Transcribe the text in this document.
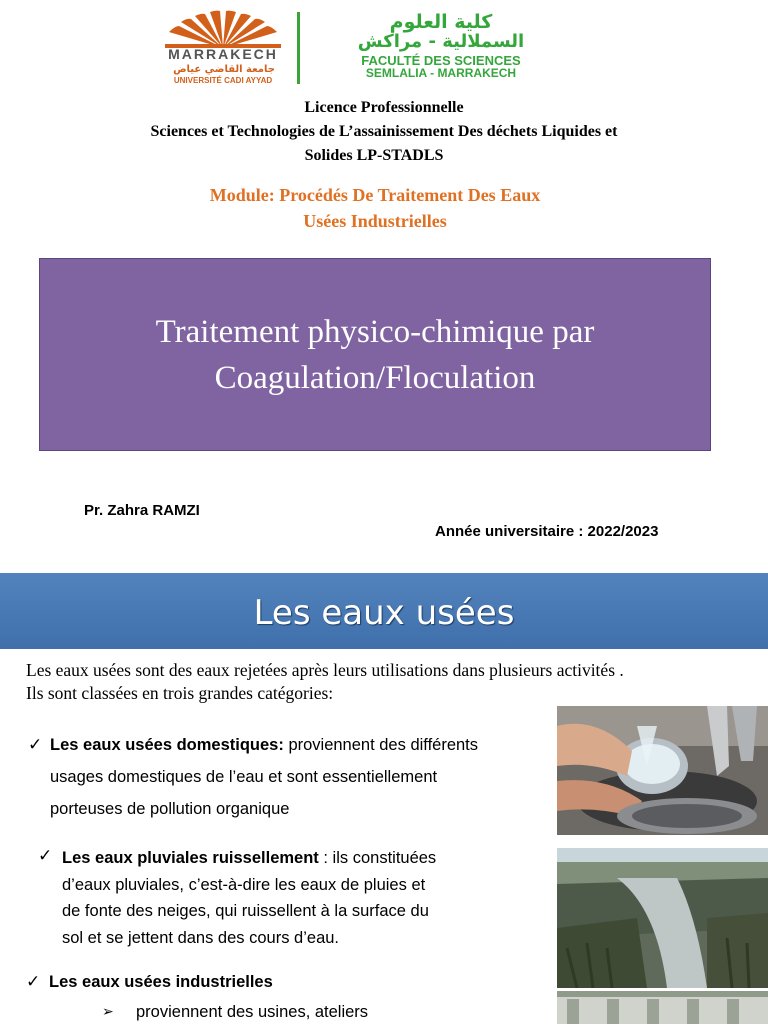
MARRAKECH
جامعة القاضي عياض
UNIVERSITÉ CADI AYYAD
كلية العلوم
السملالية - مراكش
FACULTÉ DES SCIENCES
SEMLALIA - MARRAKECH
Licence Professionnelle
Sciences et Technologies de L’assainissement Des déchets Liquides et
Solides LP-STADLS
Module: Procédés De Traitement Des Eaux
Usées Industrielles
Traitement physico-chimique par
Coagulation/Floculation
Pr. Zahra RAMZI
Année universitaire : 2022/2023
Les eaux usées
Les eaux usées sont des eaux rejetées après leurs utilisations dans plusieurs activités .
Ils sont classées en trois grandes catégories:
✓ Les eaux usées domestiques: proviennent des différents
usages domestiques de l’eau et sont essentiellement
porteuses de pollution organique
✓ Les eaux pluviales ruissellement : ils constituées
d’eaux pluviales, c’est-à-dire les eaux de pluies et
de fonte des neiges, qui ruissellent à la surface du
sol et se jettent dans des cours d’eau.
✓ Les eaux usées industrielles
➢ proviennent des usines, ateliers
